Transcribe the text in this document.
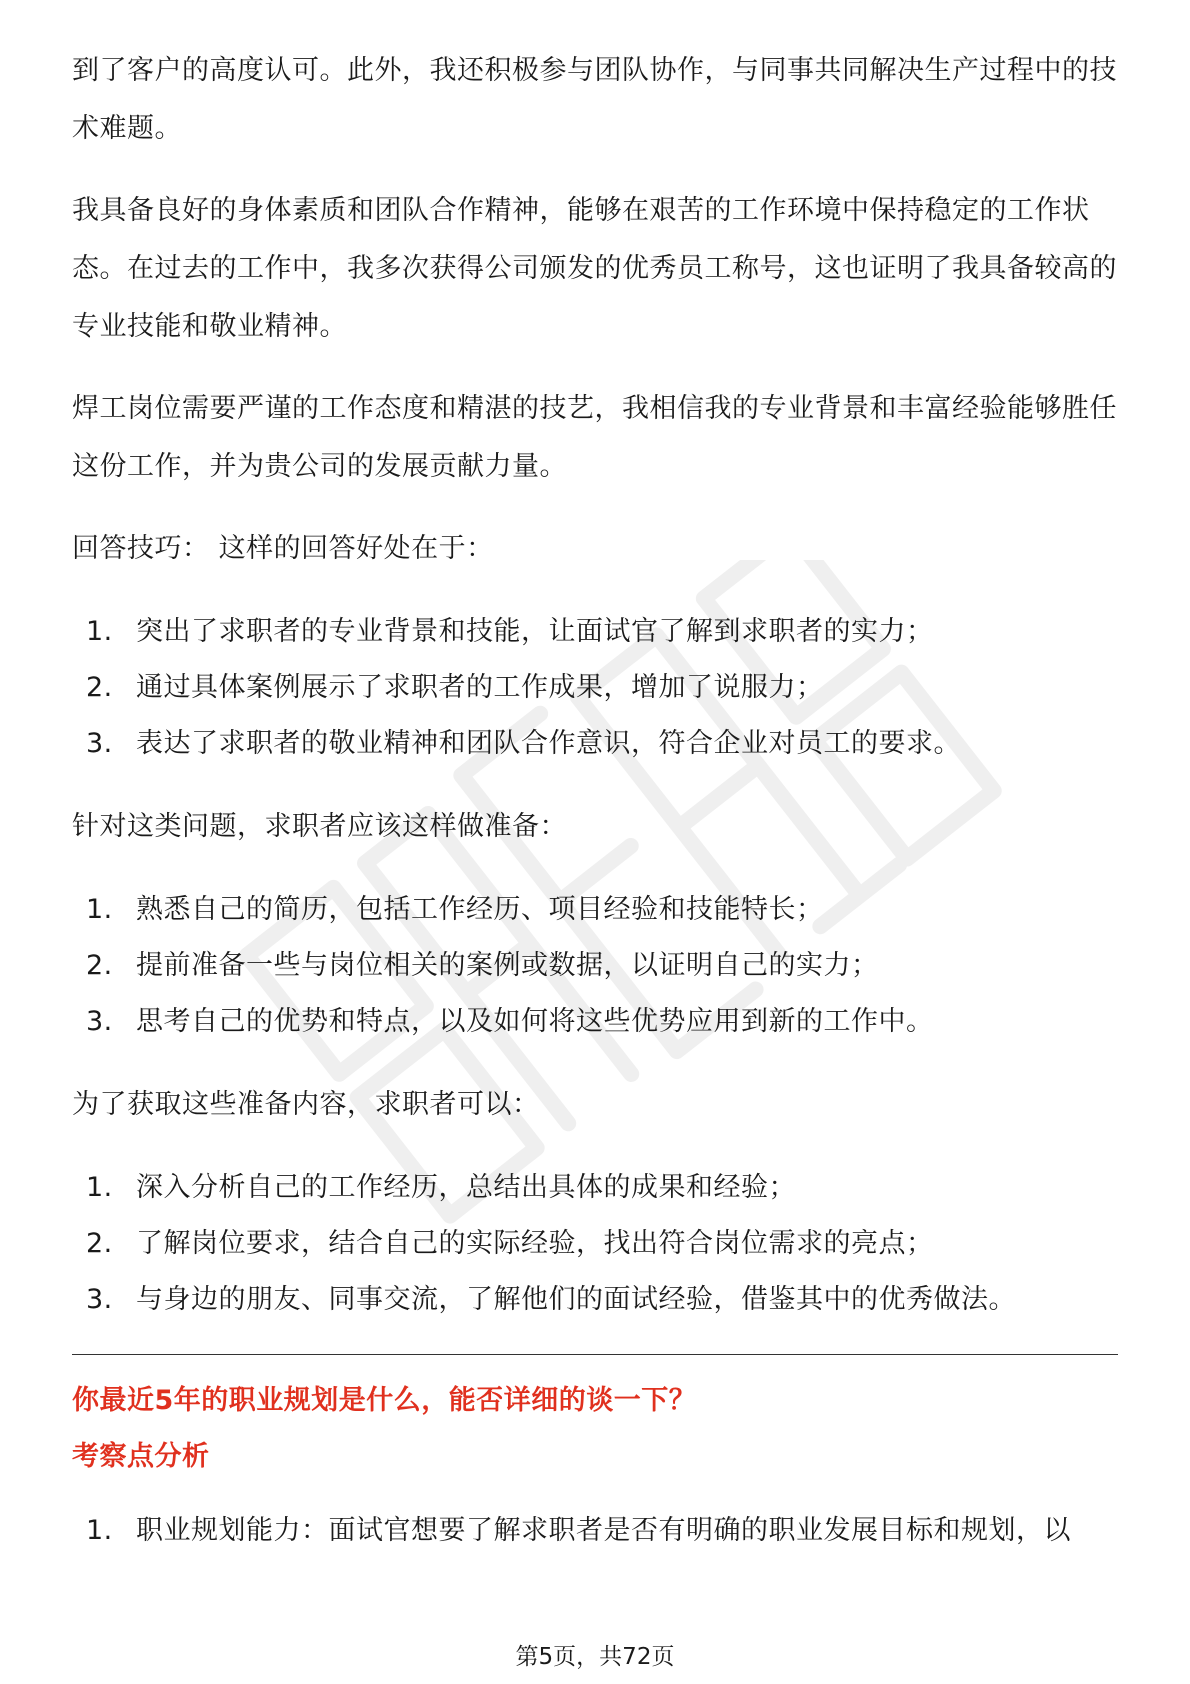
到了客户的高度认可。此外，我还积极参与团队协作，与同事共同解决生产过程中的技术难题。

我具备良好的身体素质和团队合作精神，能够在艰苦的工作环境中保持稳定的工作状态。在过去的工作中，我多次获得公司颁发的优秀员工称号，这也证明了我具备较高的专业技能和敬业精神。

焊工岗位需要严谨的工作态度和精湛的技艺，我相信我的专业背景和丰富经验能够胜任这份工作，并为贵公司的发展贡献力量。

回答技巧： 这样的回答好处在于：

1. 突出了求职者的专业背景和技能，让面试官了解到求职者的实力；
2. 通过具体案例展示了求职者的工作成果，增加了说服力；
3. 表达了求职者的敬业精神和团队合作意识，符合企业对员工的要求。

针对这类问题，求职者应该这样做准备：

1. 熟悉自己的简历，包括工作经历、项目经验和技能特长；
2. 提前准备一些与岗位相关的案例或数据，以证明自己的实力；
3. 思考自己的优势和特点，以及如何将这些优势应用到新的工作中。

为了获取这些准备内容，求职者可以：

1. 深入分析自己的工作经历，总结出具体的成果和经验；
2. 了解岗位要求，结合自己的实际经验，找出符合岗位需求的亮点；
3. 与身边的朋友、同事交流，了解他们的面试经验，借鉴其中的优秀做法。
你最近5年的职业规划是什么，能否详细的谈一下？
考察点分析
1. 职业规划能力：面试官想要了解求职者是否有明确的职业发展目标和规划，以
第5页，共72页
